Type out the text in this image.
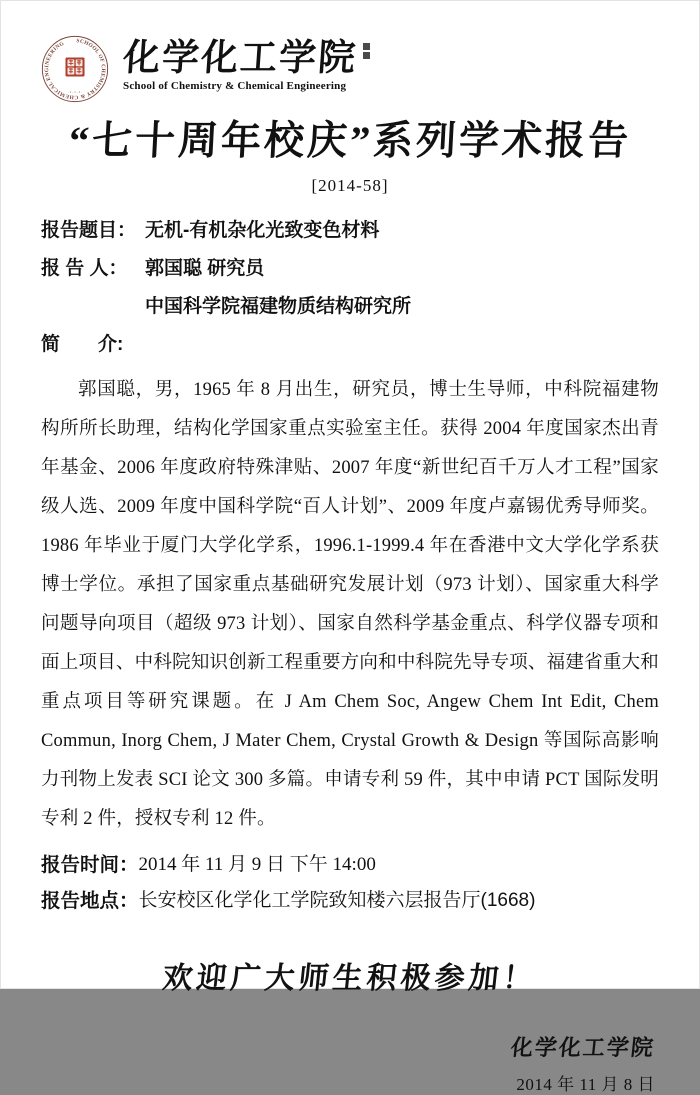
SCHOOL OF CHEMISTRY & CHEMICAL ENGINEERING
· • · • · • ·
化学化工学院
School of Chemistry & Chemical Engineering
“七十周年校庆”系列学术报告
[2014-58]
报告题目： 无机-有机杂化光致变色材料
报 告 人： 郭国聪 研究员
中国科学院福建物质结构研究所
简　　介:

郭国聪，男，1965 年 8 月出生，研究员，博士生导师，中科院福建物构所所长助理，结构化学国家重点实验室主任。获得 2004 年度国家杰出青年基金、2006 年度政府特殊津贴、2007 年度“新世纪百千万人才工程”国家级人选、2009 年度中国科学院“百人计划”、2009 年度卢嘉锡优秀导师奖。1986 年毕业于厦门大学化学系，1996.1-1999.4 年在香港中文大学化学系获博士学位。承担了国家重点基础研究发展计划（973 计划）、国家重大科学问题导向项目（超级 973 计划）、国家自然科学基金重点、科学仪器专项和面上项目、中科院知识创新工程重要方向和中科院先导专项、福建省重大和重点项目等研究课题。在 J Am Chem Soc, Angew Chem Int Edit, Chem Commun, Inorg Chem, J Mater Chem, Crystal Growth & Design 等国际高影响力刊物上发表 SCI 论文 300 多篇。申请专利 59 件，其中申请 PCT 国际发明专利 2 件，授权专利 12 件。

报告时间： 2014 年 11 月 9 日 下午 14:00
报告地点： 长安校区化学化工学院致知楼六层报告厅(1668)
欢迎广大师生积极参加！
化学化工学院
2014 年 11 月 8 日
